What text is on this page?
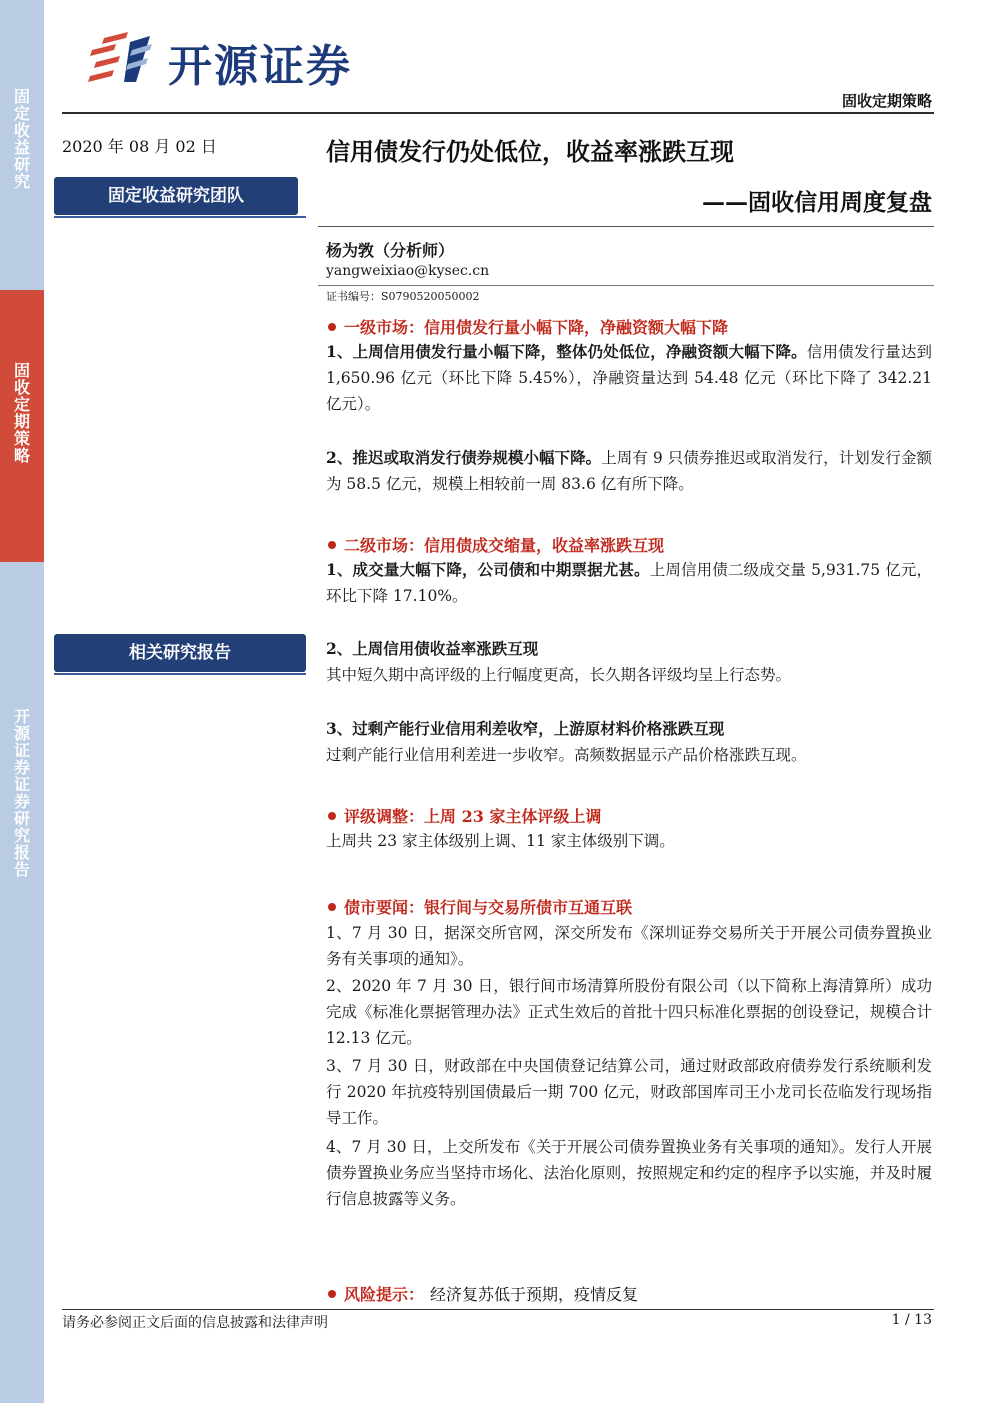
固定收益研究
固收定期策略
开源证券 证券研究报告
开源证券
固收定期策略
2020 年 08 月 02 日
固定收益研究团队
相关研究报告
信用债发行仍处低位，收益率涨跌互现
——固收信用周度复盘
杨为敩（分析师）
yangweixiao@kysec.cn
证书编号：S0790520050002
一级市场：信用债发行量小幅下降，净融资额大幅下降
1、上周信用债发行量小幅下降，整体仍处低位，净融资额大幅下降。信用债发行量达到 1,650.96 亿元（环比下降 5.45%），净融资量达到 54.48 亿元（环比下降了 342.21 亿元）。
2、推迟或取消发行债券规模小幅下降。上周有 9 只债券推迟或取消发行，计划发行金额为 58.5 亿元，规模上相较前一周 83.6 亿有所下降。
二级市场：信用债成交缩量，收益率涨跌互现
1、成交量大幅下降，公司债和中期票据尤甚。上周信用债二级成交量 5,931.75 亿元，环比下降 17.10%。
2、上周信用债收益率涨跌互现
其中短久期中高评级的上行幅度更高，长久期各评级均呈上行态势。
3、过剩产能行业信用利差收窄，上游原材料价格涨跌互现
过剩产能行业信用利差进一步收窄。高频数据显示产品价格涨跌互现。
评级调整：上周 23 家主体评级上调
上周共 23 家主体级别上调、11 家主体级别下调。
债市要闻：银行间与交易所债市互通互联
1、7 月 30 日，据深交所官网，深交所发布《深圳证券交易所关于开展公司债券置换业务有关事项的通知》。
2、2020 年 7 月 30 日，银行间市场清算所股份有限公司（以下简称上海清算所）成功完成《标准化票据管理办法》正式生效后的首批十四只标准化票据的创设登记，规模合计 12.13 亿元。
3、7 月 30 日，财政部在中央国债登记结算公司，通过财政部政府债券发行系统顺利发行 2020 年抗疫特别国债最后一期 700 亿元，财政部国库司王小龙司长莅临发行现场指导工作。
4、7 月 30 日，上交所发布《关于开展公司债券置换业务有关事项的通知》。发行人开展债券置换业务应当坚持市场化、法治化原则，按照规定和约定的程序予以实施，并及时履行信息披露等义务。
风险提示： 经济复苏低于预期，疫情反复
请务必参阅正文后面的信息披露和法律声明	1 / 13
